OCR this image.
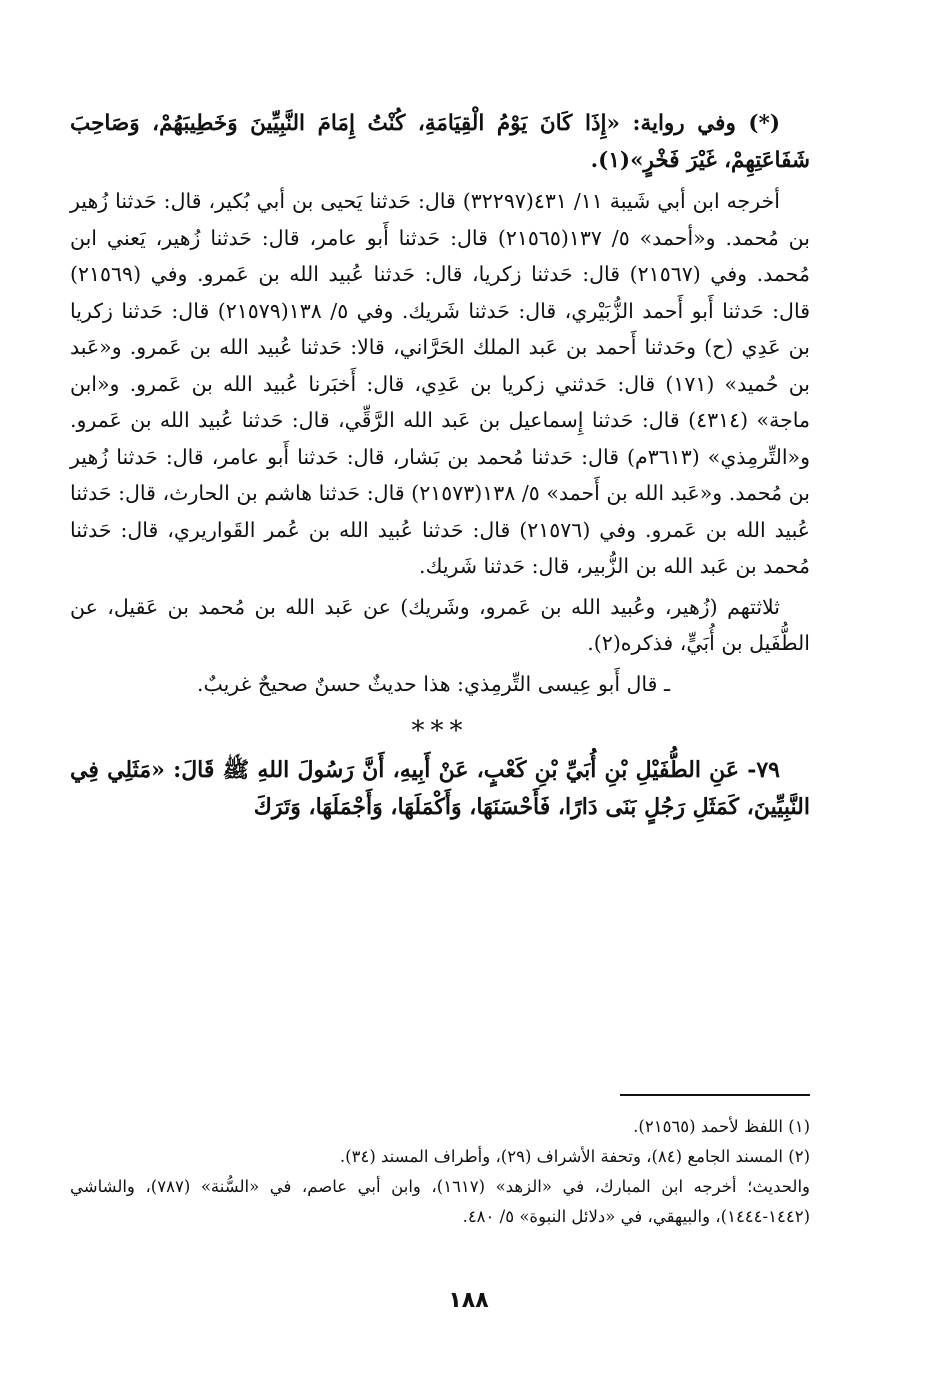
(*) وفي رواية: «إِذَا كَانَ يَوْمُ الْقِيَامَةِ، كُنْتُ إِمَامَ النَّبِيِّينَ وَخَطِيبَهُمْ، وَصَاحِبَ شَفَاعَتِهِمْ، غَيْرَ فَخْرٍ»(١).

أخرجه ابن أبي شَيبة ١١/ ٤٣١(٣٢٢٩٧) قال: حَدثنا يَحيى بن أبي بُكير، قال: حَدثنا زُهير بن مُحمد. و«أحمد» ٥/ ١٣٧(٢١٥٦٥) قال: حَدثنا أَبو عامر، قال: حَدثنا زُهير، يَعني ابن مُحمد. وفي (٢١٥٦٧) قال: حَدثنا زكريا، قال: حَدثنا عُبيد الله بن عَمرو. وفي (٢١٥٦٩) قال: حَدثنا أَبو أَحمد الزُّبَيْري، قال: حَدثنا شَريك. وفي ٥/ ١٣٨(٢١٥٧٩) قال: حَدثنا زكريا بن عَدِي (ح) وحَدثنا أَحمد بن عَبد الملك الحَرَّاني، قالا: حَدثنا عُبيد الله بن عَمرو. و«عَبد بن حُميد» (١٧١) قال: حَدثني زكريا بن عَدِي، قال: أَخبَرنا عُبيد الله بن عَمرو. و«ابن ماجة» (٤٣١٤) قال: حَدثنا إِسماعيل بن عَبد الله الرَّقِّي، قال: حَدثنا عُبيد الله بن عَمرو. و«التِّرمِذي» (٣٦١٣م) قال: حَدثنا مُحمد بن بَشار، قال: حَدثنا أَبو عامر، قال: حَدثنا زُهير بن مُحمد. و«عَبد الله بن أَحمد» ٥/ ١٣٨(٢١٥٧٣) قال: حَدثنا هاشم بن الحارث، قال: حَدثنا عُبيد الله بن عَمرو. وفي (٢١٥٧٦) قال: حَدثنا عُبيد الله بن عُمر القَواريري، قال: حَدثنا مُحمد بن عَبد الله بن الزُّبير، قال: حَدثنا شَريك.

ثلاثتهم (زُهير، وعُبيد الله بن عَمرو، وشَريك) عن عَبد الله بن مُحمد بن عَقيل، عن الطُّفَيل بن أُبَيٍّ، فذكره(٢).

ـ قال أَبو عِيسى التِّرمِذي: هذا حديثٌ حسنٌ صحيحٌ غريبٌ.

***

٧٩- عَنِ الطُّفَيْلِ بْنِ أُبَيِّ بْنِ كَعْبٍ، عَنْ أَبِيهِ، أَنَّ رَسُولَ اللهِ ﷺ قَالَ: «مَثَلِي فِي النَّبِيِّينَ، كَمَثَلِ رَجُلٍ بَنَى دَارًا، فَأَحْسَنَهَا، وَأَكْمَلَهَا، وَأَجْمَلَهَا، وَتَرَكَ

(١) اللفظ لأحمد (٢١٥٦٥).

(٢) المسند الجامع (٨٤)، وتحفة الأشراف (٢٩)، وأطراف المسند (٣٤).

والحديث؛ أخرجه ابن المبارك، في «الزهد» (١٦١٧)، وابن أبي عاصم، في «السُّنة» (٧٨٧)، والشاشي (١٤٤٢-١٤٤٤)، والبيهقي، في «دلائل النبوة» ٥/ ٤٨٠.

١٨٨
